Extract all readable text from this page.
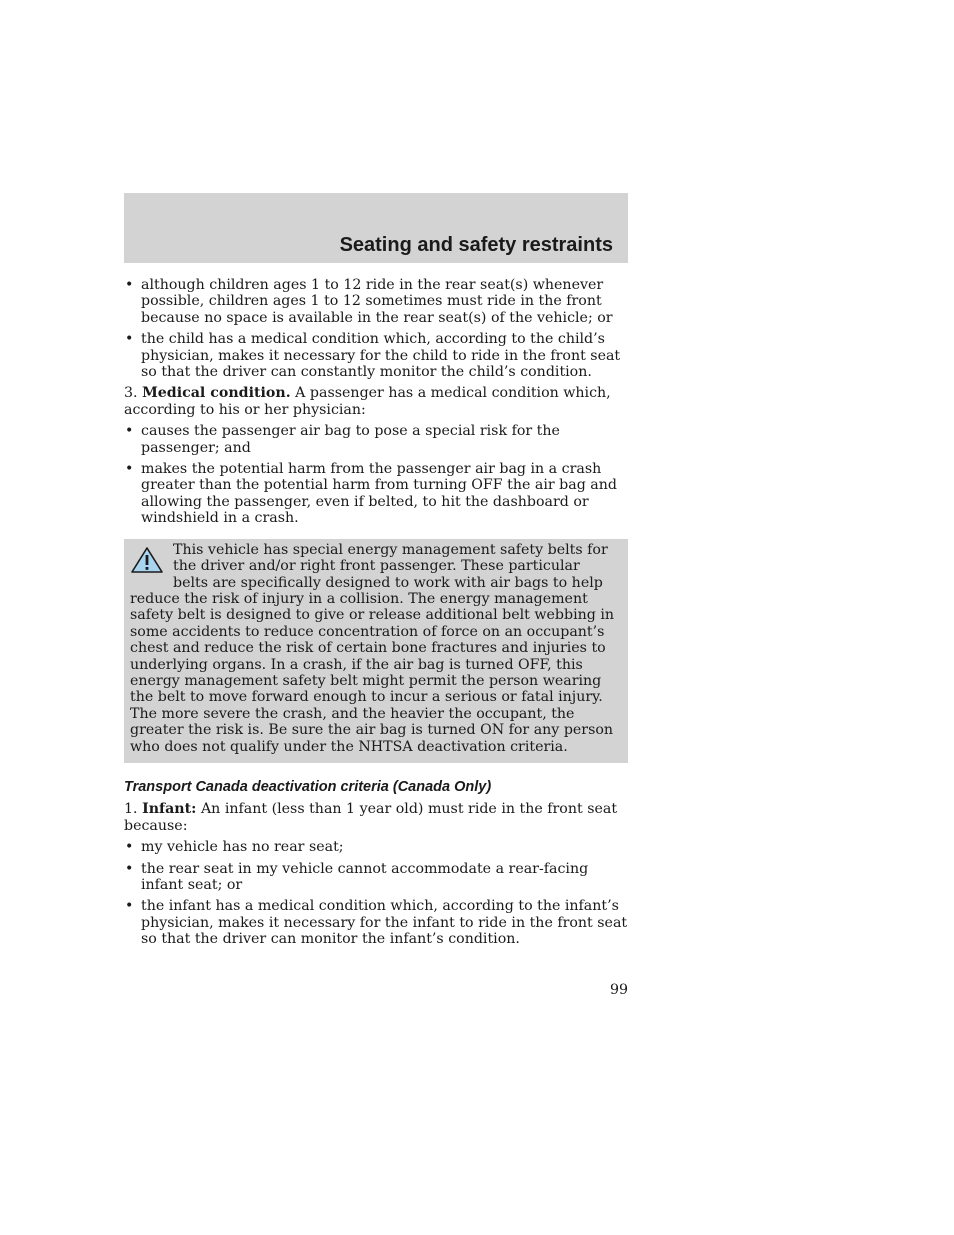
Seating and safety restraints
• although children ages 1 to 12 ride in the rear seat(s) whenever possible, children ages 1 to 12 sometimes must ride in the front because no space is available in the rear seat(s) of the vehicle; or
• the child has a medical condition which, according to the child’s physician, makes it necessary for the child to ride in the front seat so that the driver can constantly monitor the child’s condition.

3. Medical condition. A passenger has a medical condition which, according to his or her physician:

• causes the passenger air bag to pose a special risk for the passenger; and
• makes the potential harm from the passenger air bag in a crash greater than the potential harm from turning OFF the air bag and allowing the passenger, even if belted, to hit the dashboard or windshield in a crash.
This vehicle has special energy management safety belts for the driver and/or right front passenger. These particular belts are specifically designed to work with air bags to help reduce the risk of injury in a collision. The energy management safety belt is designed to give or release additional belt webbing in some accidents to reduce concentration of force on an occupant’s chest and reduce the risk of certain bone fractures and injuries to underlying organs. In a crash, if the air bag is turned OFF, this energy management safety belt might permit the person wearing the belt to move forward enough to incur a serious or fatal injury. The more severe the crash, and the heavier the occupant, the greater the risk is. Be sure the air bag is turned ON for any person who does not qualify under the NHTSA deactivation criteria.
Transport Canada deactivation criteria (Canada Only)

1. Infant: An infant (less than 1 year old) must ride in the front seat because:

• my vehicle has no rear seat;
• the rear seat in my vehicle cannot accommodate a rear-facing infant seat; or
• the infant has a medical condition which, according to the infant’s physician, makes it necessary for the infant to ride in the front seat so that the driver can monitor the infant’s condition.
99
